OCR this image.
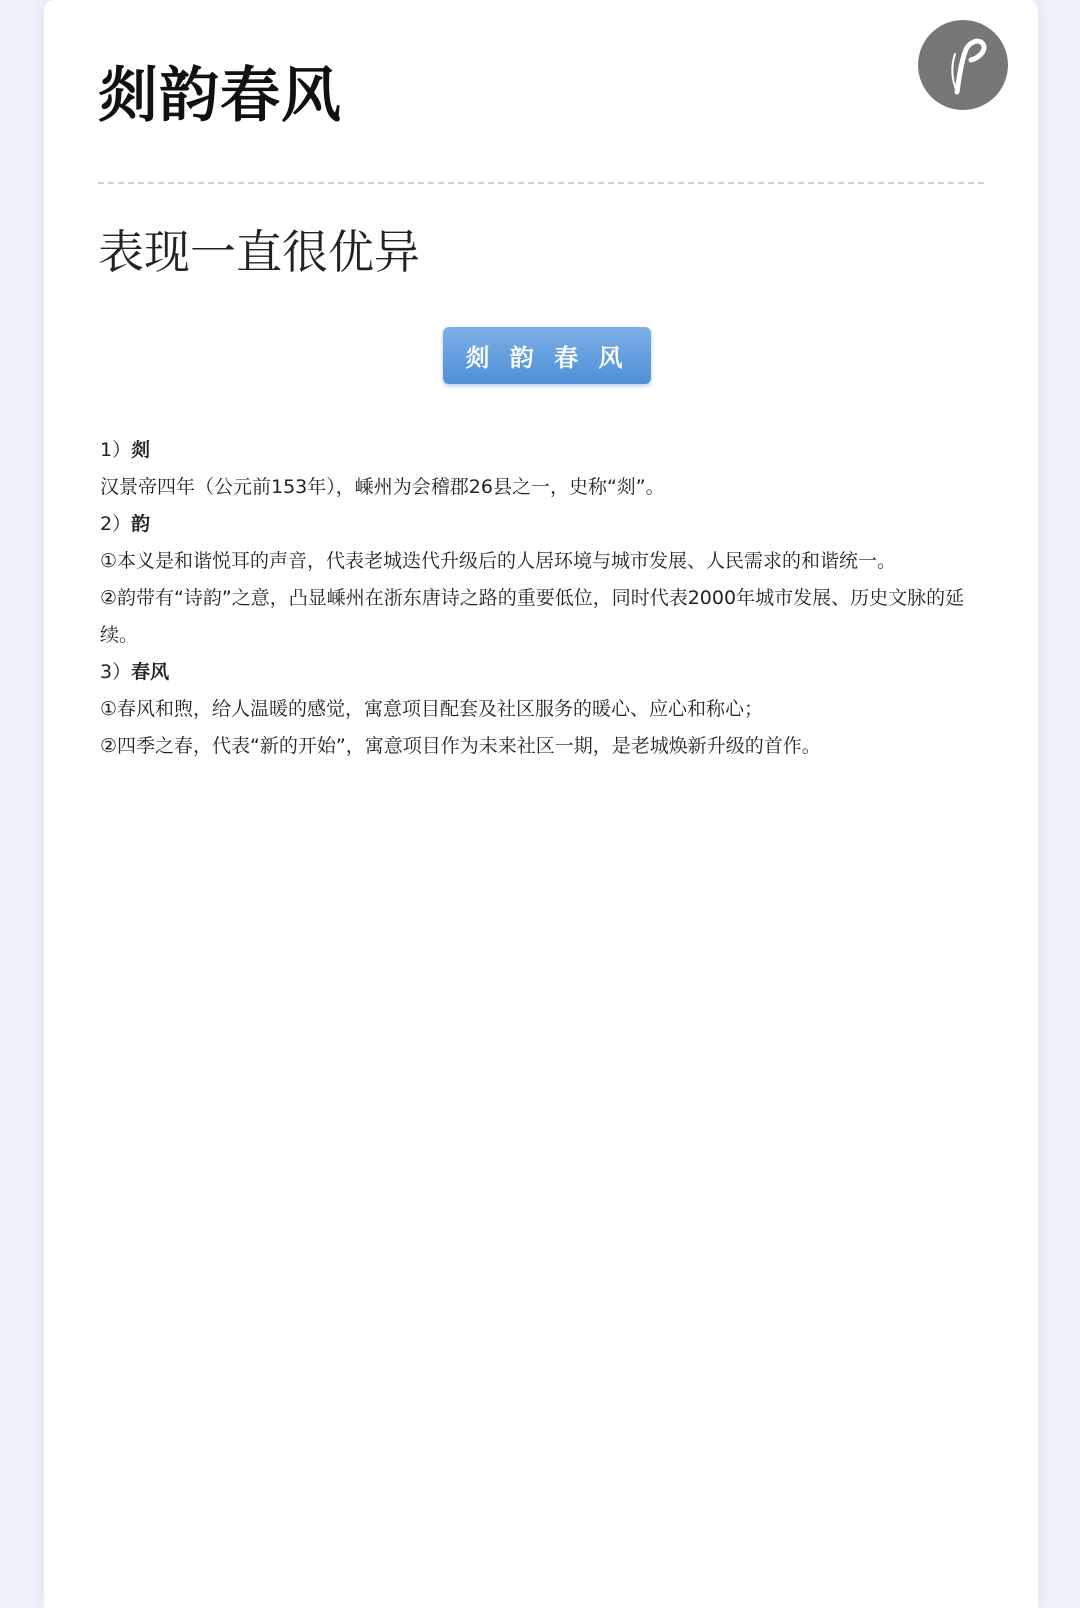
剡韵春风
表现一直很优异
剡 韵 春 风
1）剡
汉景帝四年（公元前153年），嵊州为会稽郡26县之一，史称“剡”。
2）韵
①本义是和谐悦耳的声音，代表老城迭代升级后的人居环境与城市发展、人民需求的和谐统一。
②韵带有“诗韵”之意，凸显嵊州在浙东唐诗之路的重要低位，同时代表2000年城市发展、历史文脉的延续。
3）春风
①春风和煦，给人温暖的感觉，寓意项目配套及社区服务的暖心、应心和称心；
②四季之春，代表“新的开始”，寓意项目作为未来社区一期，是老城焕新升级的首作。
